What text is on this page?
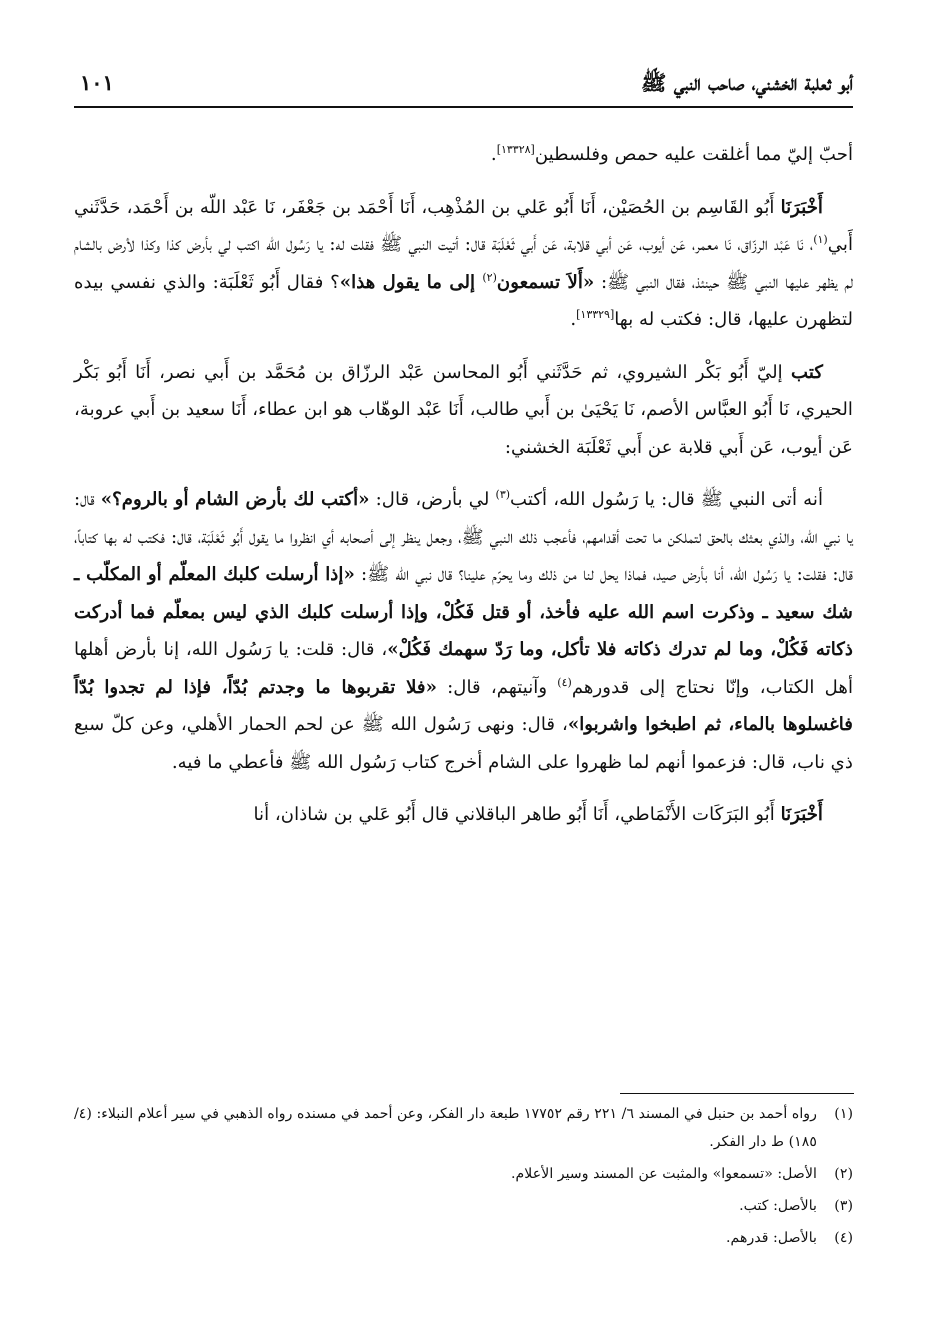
أبو ثعلبة الخشني، صاحب النبي ﷺ
١٠١

أحبّ إليّ مما أغلقت عليه حمص وفلسطين[١٣٣٢٨].

أَخْبَرَنَا أَبُو القَاسِم بن الحُصَيْن، أَنَا أَبُو عَلي بن المُذْهِب، أَنَا أَحْمَد بن جَعْفَر، نَا عَبْد اللّه بن أَحْمَد، حَدَّثَني أَبي$^{(١)}$، نَا عَبْد الرزّاق، نَا معمر، عَن أيوب، عَن أبي قلابة، عَن أَبي ثَعْلَبَة قال: أتيت النبي ﷺ فقلت له: يا رَسُول الله اكتب لي بأرض كذا وكذا لأرض بالشام لم يظهر عليها النبي ﷺ حينئذ، فقال النبي ﷺ: «أَلاَ تسمعون$^{(٢)}$ إلى ما يقول هذا»؟ فقال أَبُو ثَعْلَبَة: والذي نفسي بيده لتظهرن عليها، قال: فكتب له بها[١٣٣٢٩].

كتب إليّ أَبُو بَكْر الشيروي، ثم حَدَّثَني أَبُو المحاسن عَبْد الرزّاق بن مُحَمَّد بن أَبي نصر، أَنَا أَبُو بَكْر الحيري، نَا أَبُو العبَّاس الأصم، نَا يَحْيَىٰ بن أَبي طالب، أَنَا عَبْد الوهّاب هو ابن عطاء، أَنَا سعيد بن أَبي عروبة، عَن أيوب، عَن أَبي قلابة عن أَبي ثَعْلَبَة الخشني:

أنه أتى النبي ﷺ قال: يا رَسُول الله، أكتب$^{(٣)}$ لي بأرض، قال: «أكتب لك بأرض الشام أو بالروم؟» قال: يا نبي الله، والذي بعثك بالحق لتملكن ما تحت أقدامهم، فأعجب ذلك النبي ﷺ، وجعل ينظر إلى أصحابه أي انظروا ما يقول أَبُو ثَعْلَبَة، قال: فكتب له بها كتاباً، قال: فقلت: يا رَسُول الله، أنا بأرض صيد، فماذا يحل لنا من ذلك وما يحرّم علينا؟ قال نبي الله ﷺ: «إذا أرسلت كلبك المعلّم أو المكلّب ـ شك سعيد ـ وذكرت اسم الله عليه فأخذ، أو قتل فَكُلْ، وإذا أرسلت كلبك الذي ليس بمعلّم فما أدركت ذكاته فَكُلْ، وما لم تدرك ذكاته فلا تأكل، وما رَدّ سهمك فَكُلْ»، قال: قلت: يا رَسُول الله، إنا بأرض أهلها أهل الكتاب، وإنّا نحتاج إلى قدورهم$^{(٤)}$ وآنيتهم، قال: «فلا تقربوها ما وجدتم بُدّاً، فإذا لم تجدوا بُدّاً فاغسلوها بالماء، ثم اطبخوا واشربوا»، قال: ونهى رَسُول الله ﷺ عن لحم الحمار الأهلي، وعن كلّ سبع ذي ناب، قال: فزعموا أنهم لما ظهروا على الشام أخرج كتاب رَسُول الله ﷺ فأعطي ما فيه.

أَخْبَرَنَا أَبُو البَرَكَات الأَنْمَاطي، أَنَا أَبُو طاهر الباقلاني قال أَبُو عَلي بن شاذان، أنا

(١)
رواه أحمد بن حنبل في المسند ٦/ ٢٢١ رقم ١٧٧٥٢ طبعة دار الفكر، وعن أحمد في مسنده رواه الذهبي في سير أعلام النبلاء: (٤/ ١٨٥) ط دار الفكر.
(٢)
الأصل: «تسمعوا» والمثبت عن المسند وسير الأعلام.
(٣)
بالأصل: كتب.
(٤)
بالأصل: قدرهم.
